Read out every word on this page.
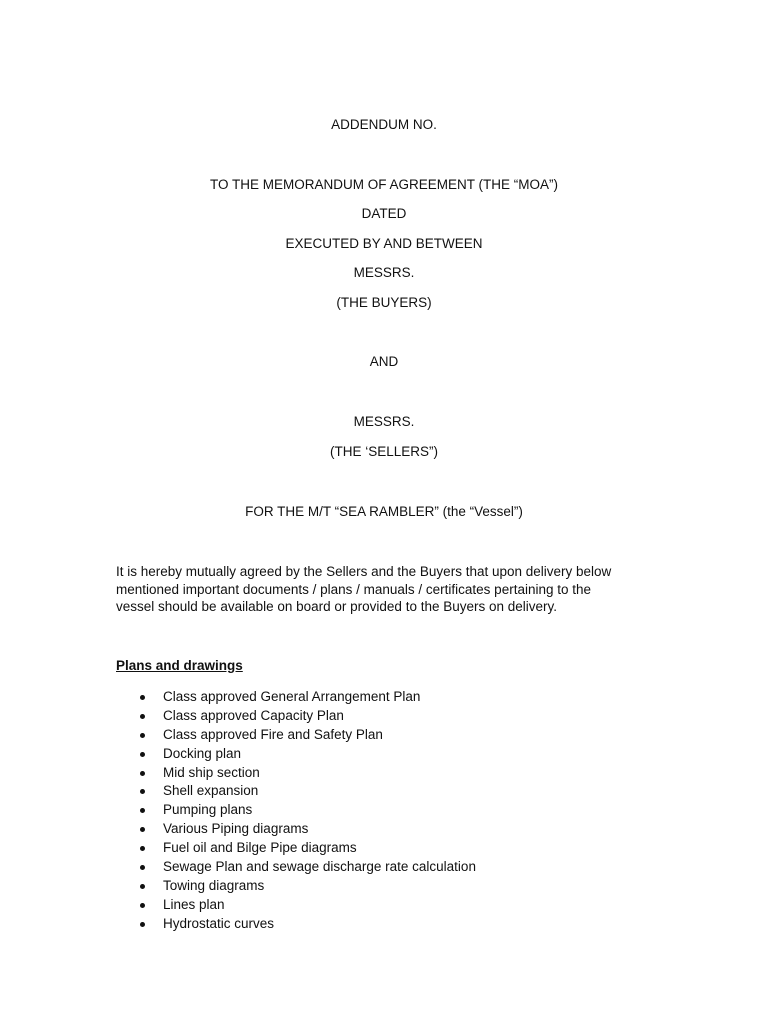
ADDENDUM NO.
TO THE MEMORANDUM OF AGREEMENT (THE “MOA”)
DATED
EXECUTED BY AND BETWEEN
MESSRS.
(THE BUYERS)
AND
MESSRS.
(THE ‘SELLERS”)
FOR THE M/T “SEA RAMBLER” (the “Vessel”)
It is hereby mutually agreed by the Sellers and the Buyers that upon delivery below
mentioned important documents / plans / manuals / certificates pertaining to the
vessel should be available on board or provided to the Buyers on delivery.
Plans and drawings
Class approved General Arrangement Plan
Class approved Capacity Plan
Class approved Fire and Safety Plan
Docking plan
Mid ship section
Shell expansion
Pumping plans
Various Piping diagrams
Fuel oil and Bilge Pipe diagrams
Sewage Plan and sewage discharge rate calculation
Towing diagrams
Lines plan
Hydrostatic curves
